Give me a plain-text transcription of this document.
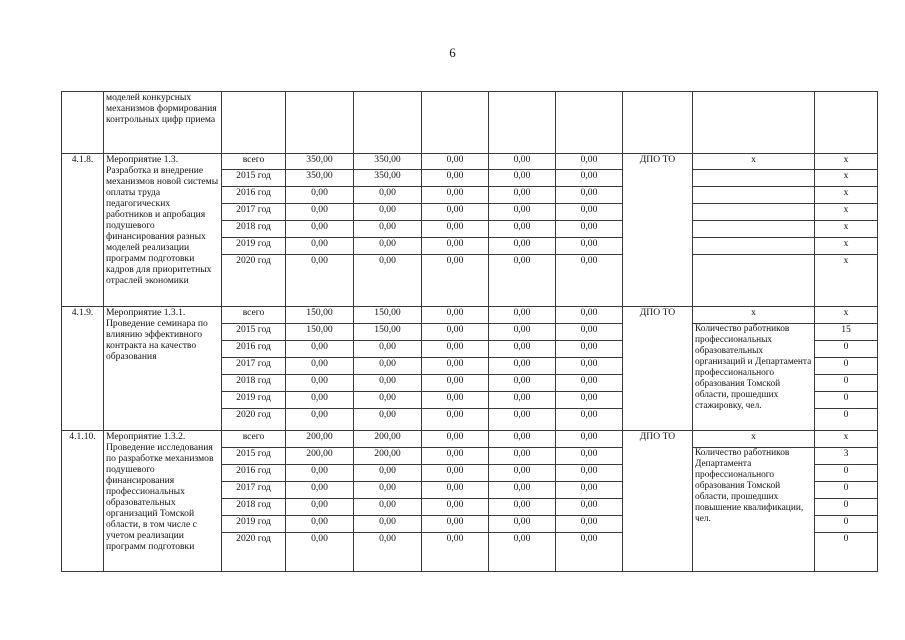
6
	моделей конкурсных механизмов формирования контрольных цифр приема									
4.1.8.	Мероприятие 1.3. Разработка и внедрение механизмов новой системы оплаты труда педагогических работников и апробация подушевого финансирования разных моделей реализации программ подготовки кадров для приоритетных отраслей экономики	всего	350,00	350,00	0,00	0,00	0,00	ДПО ТО	х	х
		2015 год	350,00	350,00	0,00	0,00	0,00			х
		2016 год	0,00	0,00	0,00	0,00	0,00			х
		2017 год	0,00	0,00	0,00	0,00	0,00			х
		2018 год	0,00	0,00	0,00	0,00	0,00			х
		2019 год	0,00	0,00	0,00	0,00	0,00			х
		2020 год	0,00	0,00	0,00	0,00	0,00			х
4.1.9.	Мероприятие 1.3.1. Проведение семинара по влиянию эффективного контракта на качество образования	всего	150,00	150,00	0,00	0,00	0,00	ДПО ТО	х	х
		2015 год	150,00	150,00	0,00	0,00	0,00		Количество работников профессиональных образовательных организаций и Департамента профессионального образования Томской области, прошедших стажировку, чел.	15
		2016 год	0,00	0,00	0,00	0,00	0,00			0
		2017 год	0,00	0,00	0,00	0,00	0,00			0
		2018 год	0,00	0,00	0,00	0,00	0,00			0
		2019 год	0,00	0,00	0,00	0,00	0,00			0
		2020 год	0,00	0,00	0,00	0,00	0,00			0
4.1.10.	Мероприятие 1.3.2. Проведение исследования по разработке механизмов подушевого финансирования профессиональных образовательных организаций Томской области, в том числе с учетом реализации программ подготовки	всего	200,00	200,00	0,00	0,00	0,00	ДПО ТО	х	х
		2015 год	200,00	200,00	0,00	0,00	0,00		Количество работников Департамента профессионального образования Томской области, прошедших повышение квалификации, чел.	3
		2016 год	0,00	0,00	0,00	0,00	0,00			0
		2017 год	0,00	0,00	0,00	0,00	0,00			0
		2018 год	0,00	0,00	0,00	0,00	0,00			0
		2019 год	0,00	0,00	0,00	0,00	0,00			0
		2020 год	0,00	0,00	0,00	0,00	0,00			0
